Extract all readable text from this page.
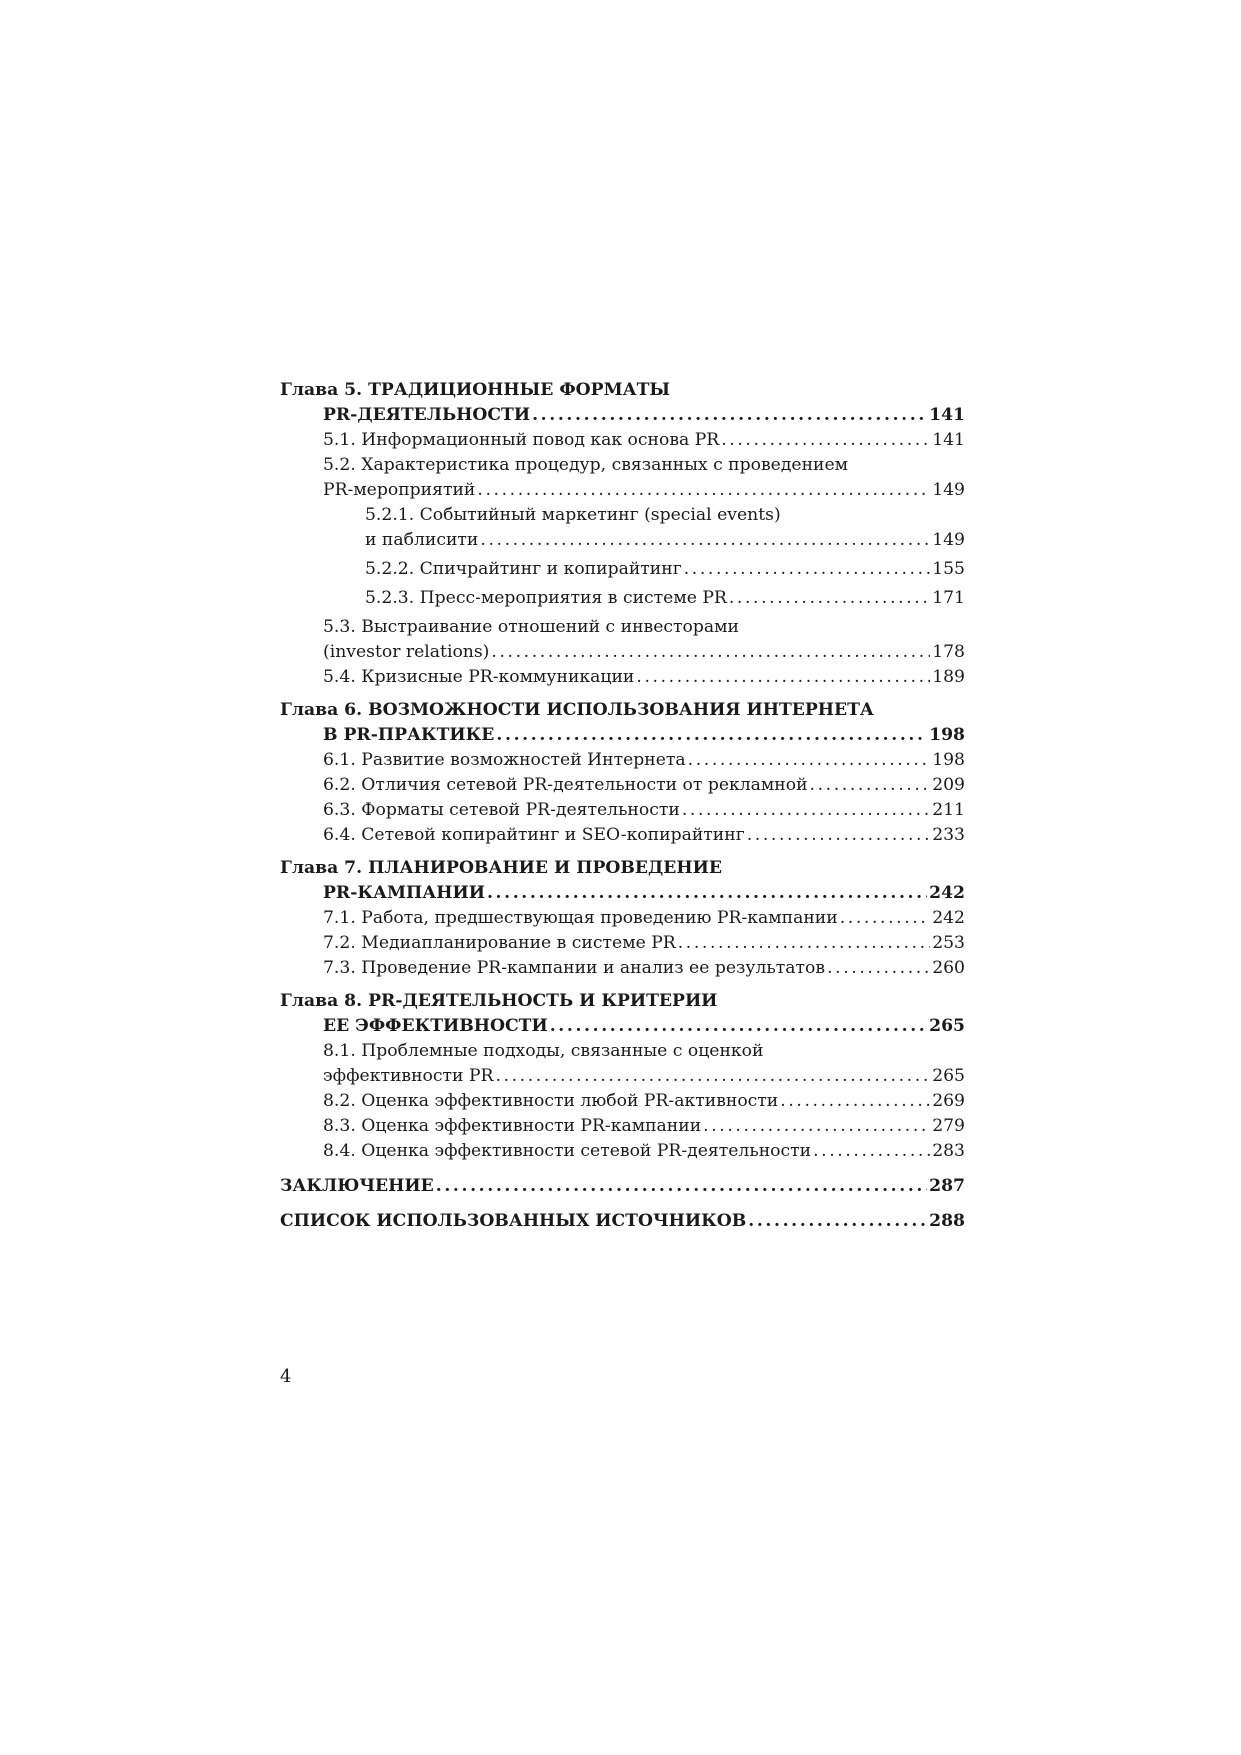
Глава 5. ТРАДИЦИОННЫЕ ФОРМАТЫ
PR-ДЕЯТЕЛЬНОСТИ .....	141
5.1. Информационный повод как основа PR .....	141
5.2. Характеристика процедур, связанных с проведением
PR-мероприятий .....	149
5.2.1. Событийный маркетинг (special events)
и паблисити .....	149
5.2.2. Спичрайтинг и копирайтинг .....	155
5.2.3. Пресс-мероприятия в системе PR .....	171
5.3. Выстраивание отношений с инвесторами
(investor relations) .....	178
5.4. Кризисные PR-коммуникации .....	189
Глава 6. ВОЗМОЖНОСТИ ИСПОЛЬЗОВАНИЯ ИНТЕРНЕТА
В PR-ПРАКТИКЕ .....	198
6.1. Развитие возможностей Интернета .....	198
6.2. Отличия сетевой PR-деятельности от рекламной .....	209
6.3. Форматы сетевой PR-деятельности .....	211
6.4. Сетевой копирайтинг и SEO-копирайтинг .....	233
Глава 7. ПЛАНИРОВАНИЕ И ПРОВЕДЕНИЕ
PR-КАМПАНИИ .....	242
7.1. Работа, предшествующая проведению PR-кампании .....	242
7.2. Медиапланирование в системе PR .....	253
7.3. Проведение PR-кампании и анализ ее результатов .....	260
Глава 8. PR-ДЕЯТЕЛЬНОСТЬ И КРИТЕРИИ
ЕЕ ЭФФЕКТИВНОСТИ .....	265
8.1. Проблемные подходы, связанные с оценкой
эффективности PR .....	265
8.2. Оценка эффективности любой PR-активности .....	269
8.3. Оценка эффективности PR-кампании .....	279
8.4. Оценка эффективности сетевой PR-деятельности .....	283
ЗАКЛЮЧЕНИЕ .....	287
СПИСОК ИСПОЛЬЗОВАННЫХ ИСТОЧНИКОВ .....	288
4
